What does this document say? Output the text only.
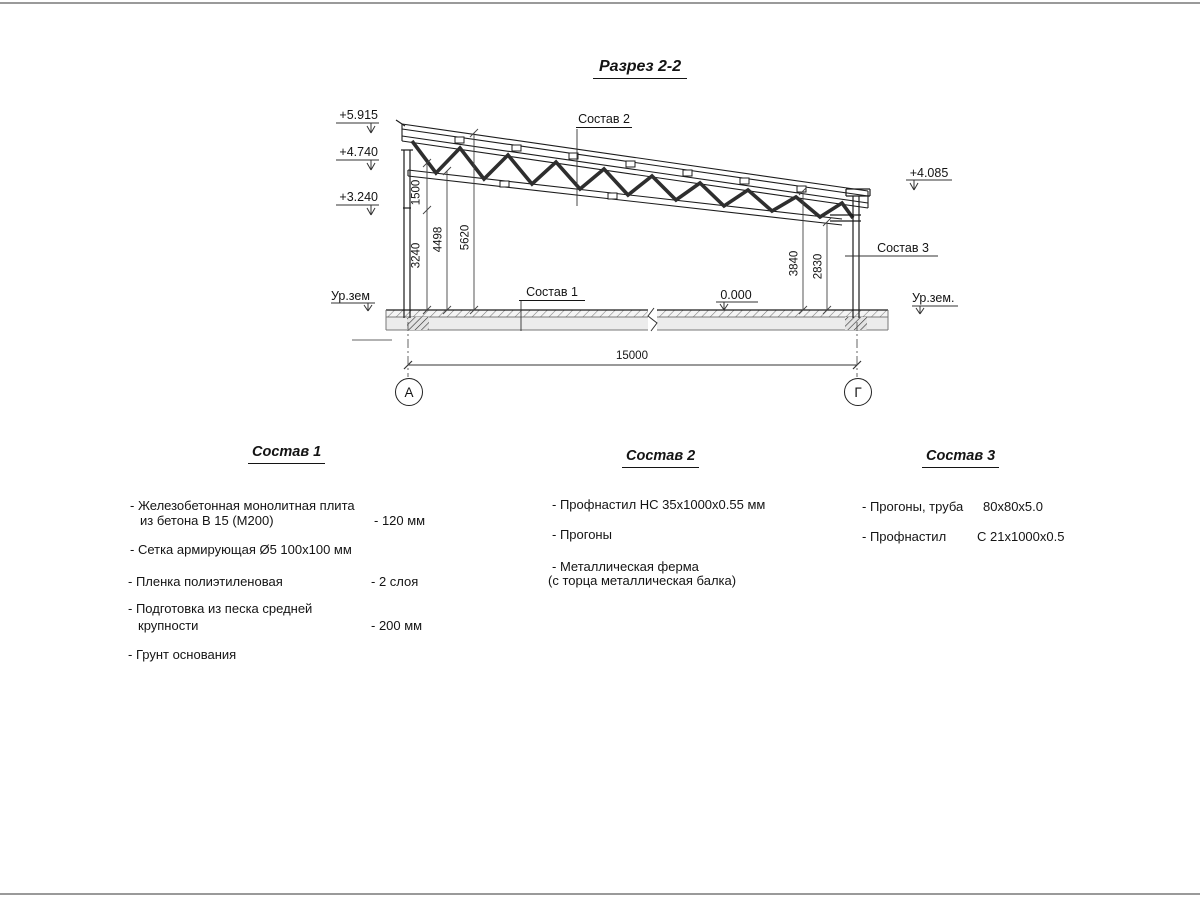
Разрез 2-2
+5.915
+4.740
+3.240
+4.085
0.000
Ур.зем	Ур.зем.
1500
3240
4498 5620
3840 2830
15000
А	Г
Состав 2
Состав 1
Состав 3
Состав 1
- Железобетонная монолитная плита
из бетона В 15 (М200)	- 120 мм
- Сетка армирующая Ø5 100х100 мм
- Пленка полиэтиленовая	- 2 слоя
- Подготовка из песка средней
крупности	- 200 мм
- Грунт основания
Состав 2
- Профнастил НС 35х1000х0.55 мм
- Прогоны
- Металлическая ферма
(с торца металлическая балка)
Состав 3
- Прогоны, труба 80х80х5.0
- Профнастил С 21х1000х0.5
